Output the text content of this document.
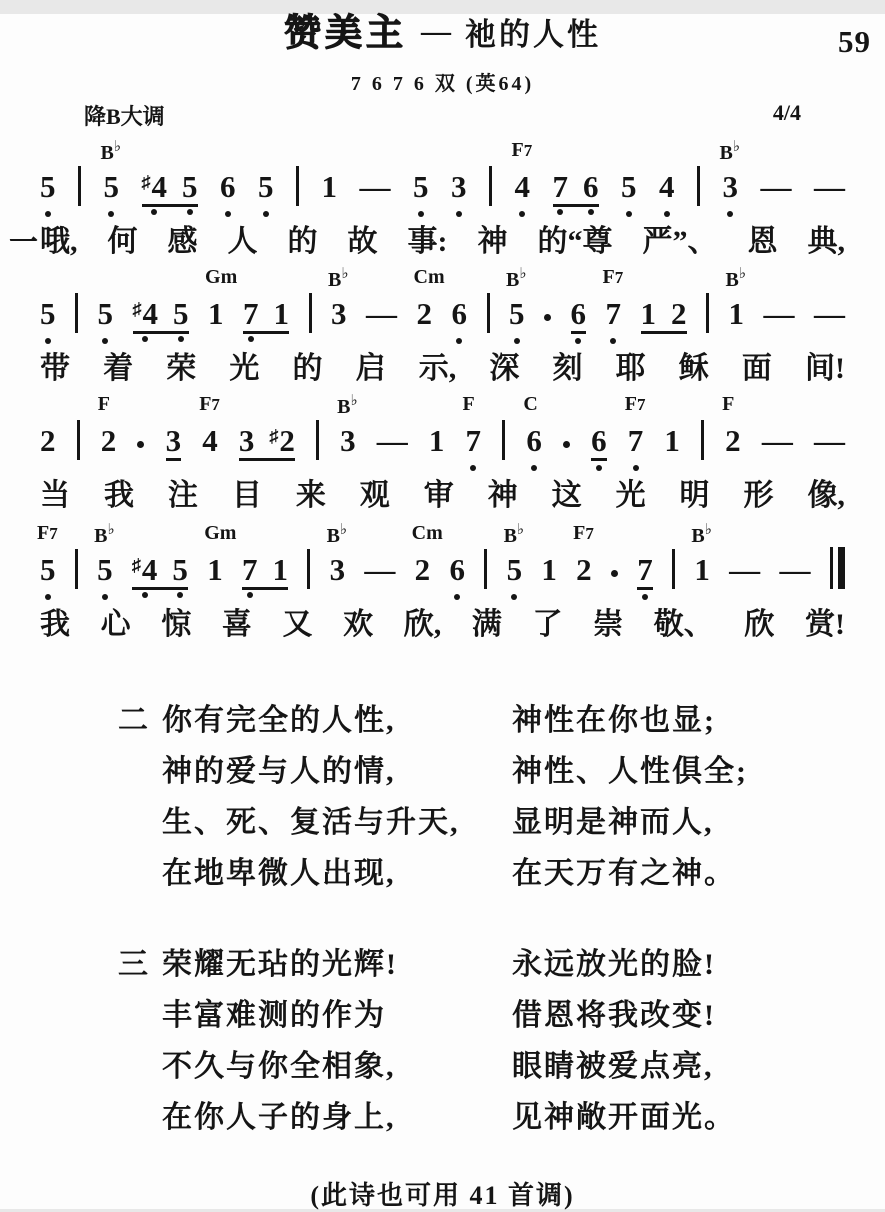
59
赞美主 — 祂的人性
7 6 7 6 双 (英64)
降B大调	4/4
5
B♭
5 ♯4 5 6 5 1 — 5 3
F7
4 7 6 5 4
B♭
3 — —
一 哦, 何 感 人 的 故 事: 神 的“尊 严”、 恩 典,
5 5 ♯4 5
Gm
1 7 1
B♭
3 —
Cm
2 6
B♭
5 6
F7
7 1 2
B♭
1 — —
带 着 荣 光 的 启 示, 深 刻 耶 稣 面 间!
2
F
2 3
F7
4 3 ♯2
B♭
3 — 1
F
7
C
6 6
F7
7 1
F
2 — —
当 我 注 目 来 观 审 神 这 光 明 形 像,
F7
5
B♭
5 ♯4 5
Gm
1 7 1
B♭
3 —
Cm
2 6
B♭
5 1
F7
2 7
B♭
1 — —
我 心 惊 喜 又 欢 欣, 满 了 崇 敬、 欣 赏!
二 你有完全的人性,	神性在你也显;
神的爱与人的情,	神性、人性俱全;
生、死、复活与升天,	显明是神而人,
在地卑微人出现,	在天万有之神。
三 荣耀无玷的光辉!	永远放光的脸!
丰富难测的作为	借恩将我改变!
不久与你全相象,	眼睛被爱点亮,
在你人子的身上,	见神敞开面光。
(此诗也可用 41 首调)
